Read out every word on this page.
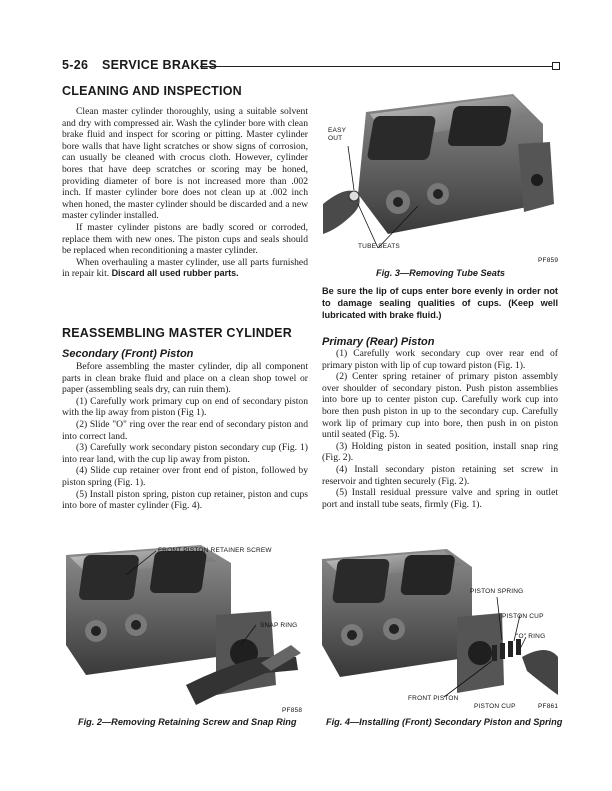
5-26 SERVICE BRAKES
CLEANING AND INSPECTION

Clean master cylinder thoroughly, using a suitable solvent and dry with compressed air. Wash the cylinder bore with clean brake fluid and inspect for scoring or pitting. Master cylinder bore walls that have light scratches or show signs of corrosion, can usually be cleaned with crocus cloth. However, cylinder bores that have deep scratches or scoring may be honed, providing diameter of bore is not increased more than .002 inch. If master cylinder bore does not clean up at .002 inch when honed, the master cylinder should be discarded and a new master cylinder installed.

If master cylinder pistons are badly scored or corroded, replace them with new ones. The piston cups and seals should be replaced when reconditioning a master cylinder.

When overhauling a master cylinder, use all parts furnished in repair kit. Discard all used rubber parts.

REASSEMBLING MASTER CYLINDER
Secondary (Front) Piston

Before assembling the master cylinder, dip all component parts in clean brake fluid and place on a clean shop towel or paper (assembling seals dry, can ruin them).

(1) Carefully work primary cup on end of secondary piston with the lip away from piston (Fig 1).

(2) Slide "O" ring over the rear end of secondary piston and into correct land.

(3) Carefully work secondary piston secondary cup (Fig. 1) into rear land, with the cup lip away from piston.

(4) Slide cup retainer over front end of piston, followed by piston spring (Fig. 1).

(5) Install piston spring, piston cup retainer, piston and cups into bore of master cylinder (Fig. 4).

EASY OUT
TUBE SEATS
PF859
Fig. 3—Removing Tube Seats
Be sure the lip of cups enter bore evenly in order not to damage sealing qualities of cups. (Keep well lubricated with brake fluid.)
Primary (Rear) Piston

(1) Carefully work secondary cup over rear end of primary piston with lip of cup toward piston (Fig. 1).

(2) Center spring retainer of primary piston assembly over shoulder of secondary piston. Push piston assemblies into bore up to center piston cup. Carefully work cup into bore then push piston in up to the secondary cup. Carefully work lip of primary cup into bore, then push in on piston until seated (Fig. 5).

(3) Holding piston in seated position, install snap ring (Fig. 2).

(4) Install secondary piston retaining set screw in reservoir and tighten securely (Fig. 2).

(5) Install residual pressure valve and spring in outlet port and install tube seats, firmly (Fig. 1).

FRONT PISTON RETAINER SCREW
SNAP RING
PF858
Fig. 2—Removing Retaining Screw and Snap Ring
PISTON SPRING
PISTON CUP
"O" RING
FRONT PISTON
PISTON CUP	PF861
Fig. 4—Installing (Front) Secondary Piston and Spring
